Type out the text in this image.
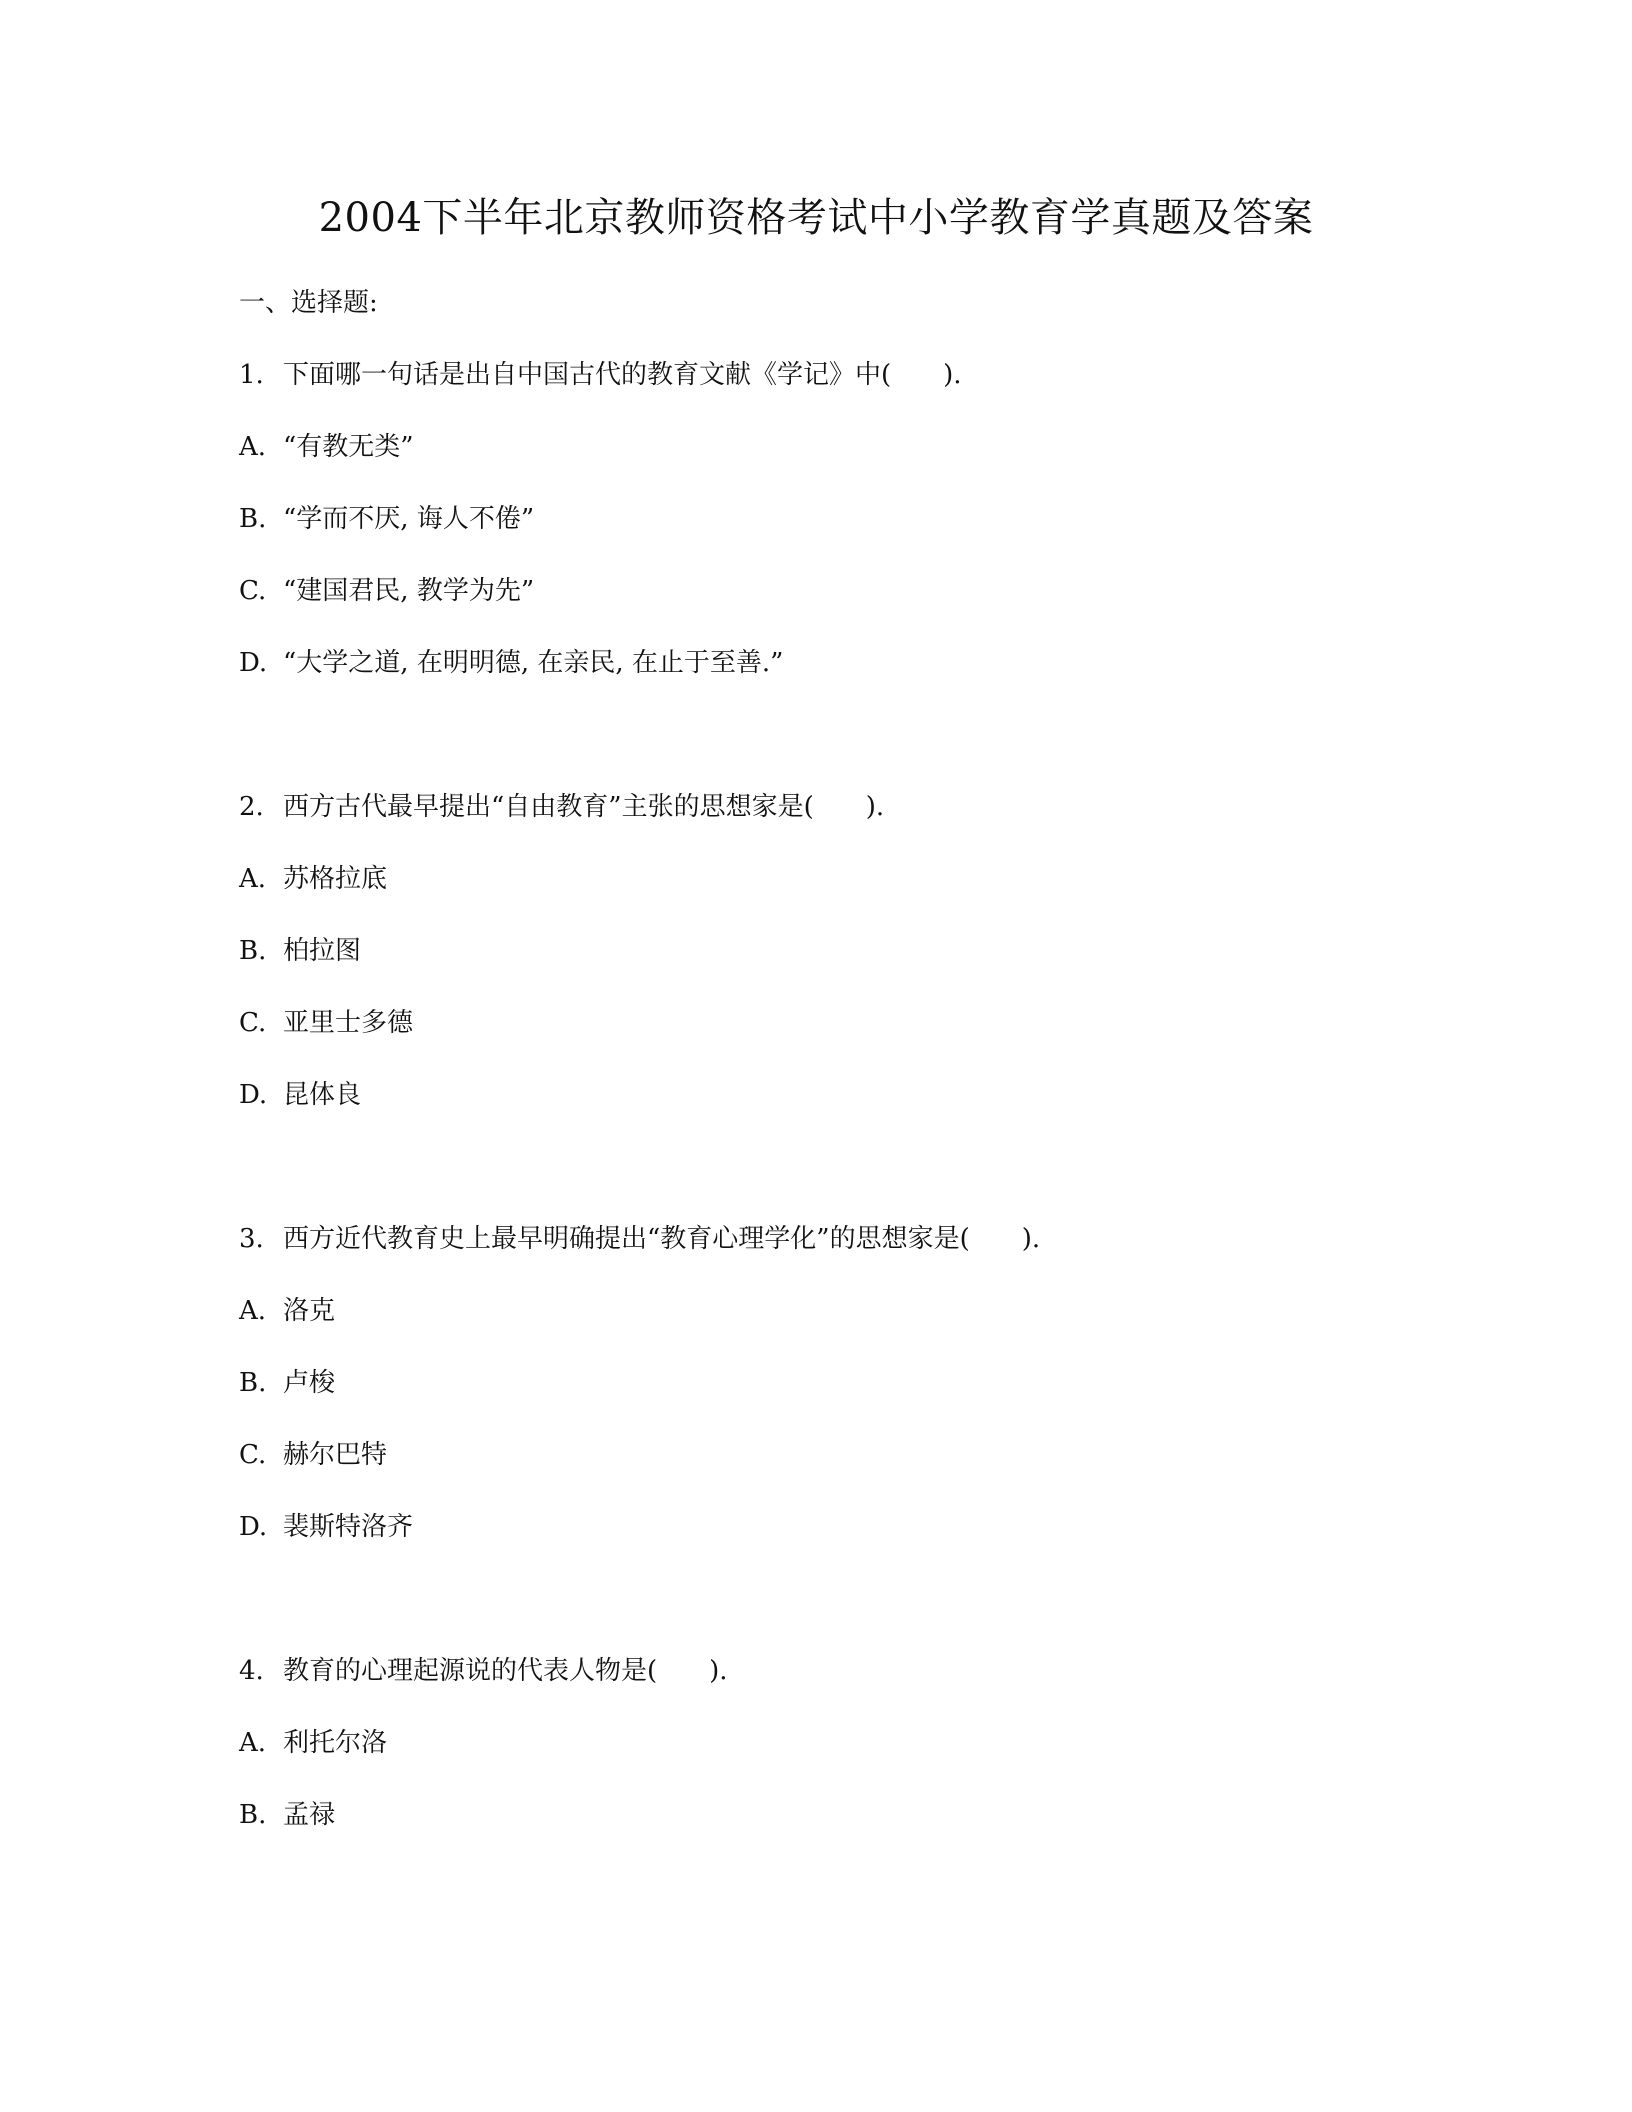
2004下半年北京教师资格考试中小学教育学真题及答案

一、选择题:

1. 下面哪一句话是出自中国古代的教育文献《学记》中(　　).

A. “有教无类”

B. “学而不厌, 诲人不倦”

C. “建国君民, 教学为先”

D. “大学之道, 在明明德, 在亲民, 在止于至善.”

2. 西方古代最早提出“自由教育”主张的思想家是(　　).

A. 苏格拉底

B. 柏拉图

C. 亚里士多德

D. 昆体良

3. 西方近代教育史上最早明确提出“教育心理学化”的思想家是(　　).

A. 洛克

B. 卢梭

C. 赫尔巴特

D. 裴斯特洛齐

4. 教育的心理起源说的代表人物是(　　).

A. 利托尔洛

B. 孟禄
